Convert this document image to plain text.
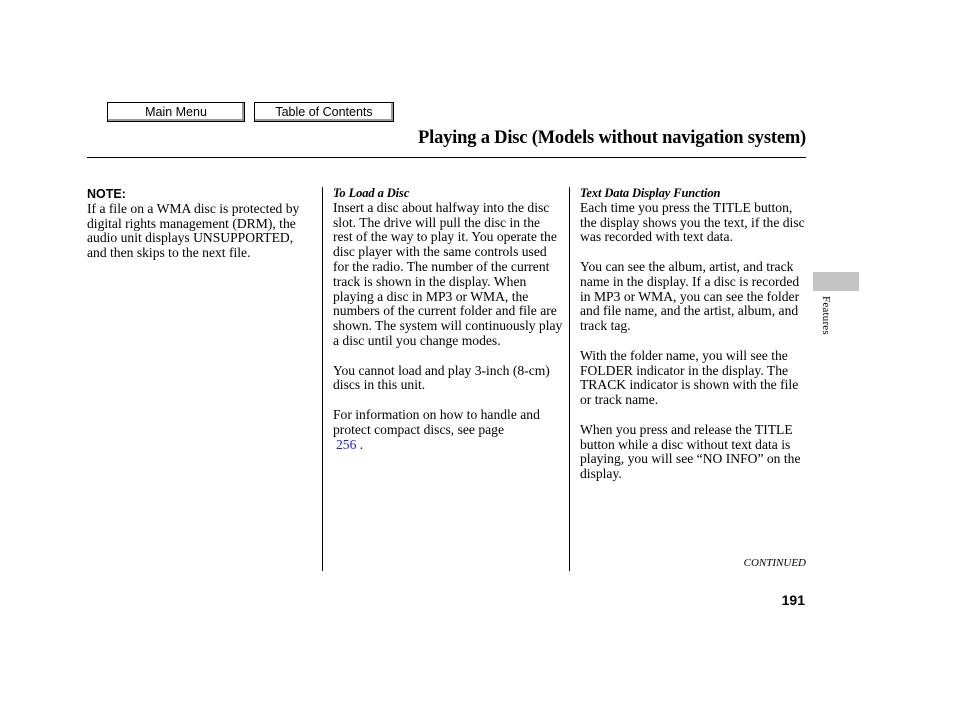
Main Menu	Table of Contents
Playing a Disc (Models without navigation system)
NOTE:

If a file on a WMA disc is protected by digital rights management (DRM), the audio unit displays UNSUPPORTED, and then skips to the next file.

To Load a Disc

Insert a disc about halfway into the disc slot. The drive will pull the disc in the rest of the way to play it. You operate the disc player with the same controls used for the radio. The number of the current track is shown in the display. When playing a disc in MP3 or WMA, the numbers of the current folder and file are shown. The system will continuously play a disc until you change modes.

You cannot load and play 3-inch (8-cm) discs in this unit.

For information on how to handle and protect compact discs, see page
256 .

Text Data Display Function

Each time you press the TITLE button, the display shows you the text, if the disc was recorded with text data.

You can see the album, artist, and track name in the display. If a disc is recorded in MP3 or WMA, you can see the folder and file name, and the artist, album, and track tag.

With the folder name, you will see the FOLDER indicator in the display. The TRACK indicator is shown with the file or track name.

When you press and release the TITLE button while a disc without text data is playing, you will see “NO INFO” on the display.

Features
CONTINUED
191
